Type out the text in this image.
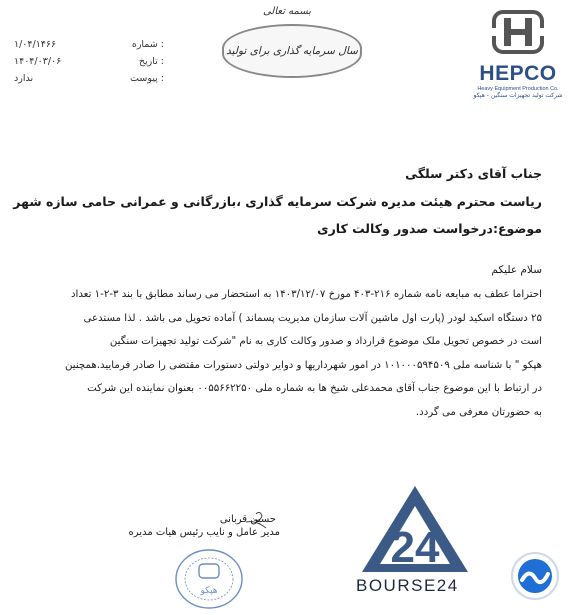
شماره :
۱/۰۴/۱۴۶۶
تاریخ :
۱۴۰۴/۰۳/۰۶
پیوست :
ندارد
بسمه تعالی
سال سرمایه گذاری برای تولید
HEPCO
Heavy Equipment Production Co.
شرکت تولید تجهیزات سنگین - هپکو
جناب آقای دکتر سلگی
ریاست محترم هیئت مدیره شرکت سرمایه گذاری ،بازرگانی و عمرانی حامی سازه شهر
موضوع:درخواست صدور وکالت کاری
سلام علیکم

احتراما عطف به مبایعه نامه شماره ۲۱۶-۴۰۳ مورخ ۱۴۰۳/۱۲/۰۷ به استحضار می رساند مطابق با بند ۳-۲-۱ تعداد

۲۵ دستگاه اسکید لودر (پارت اول ماشین آلات سازمان مدیریت پسماند ) آماده تحویل می باشد . لذا مستدعی

است در خصوص تحویل ملک موضوع قرارداد و صدور وکالت کاری به نام "شرکت تولید تجهیزات سنگین

هپکو " با شناسه ملی ۱۰۱۰۰۰۵۹۴۵۰۹ در امور شهرداریها و دوایر دولتی دستورات مقتضی را صادر فرمایید.همچنین

در ارتباط با این موضوع جناب آقای محمدعلی شیخ ها به شماره ملی ۰۰۵۵۶۶۲۲۵۰ بعنوان نماینده این شرکت

به حضورتان معرفی می گردد.

حسین قربانی
مدیر عامل و نایب رئیس هیات مدیره
هپکو
24
BOURSE24
